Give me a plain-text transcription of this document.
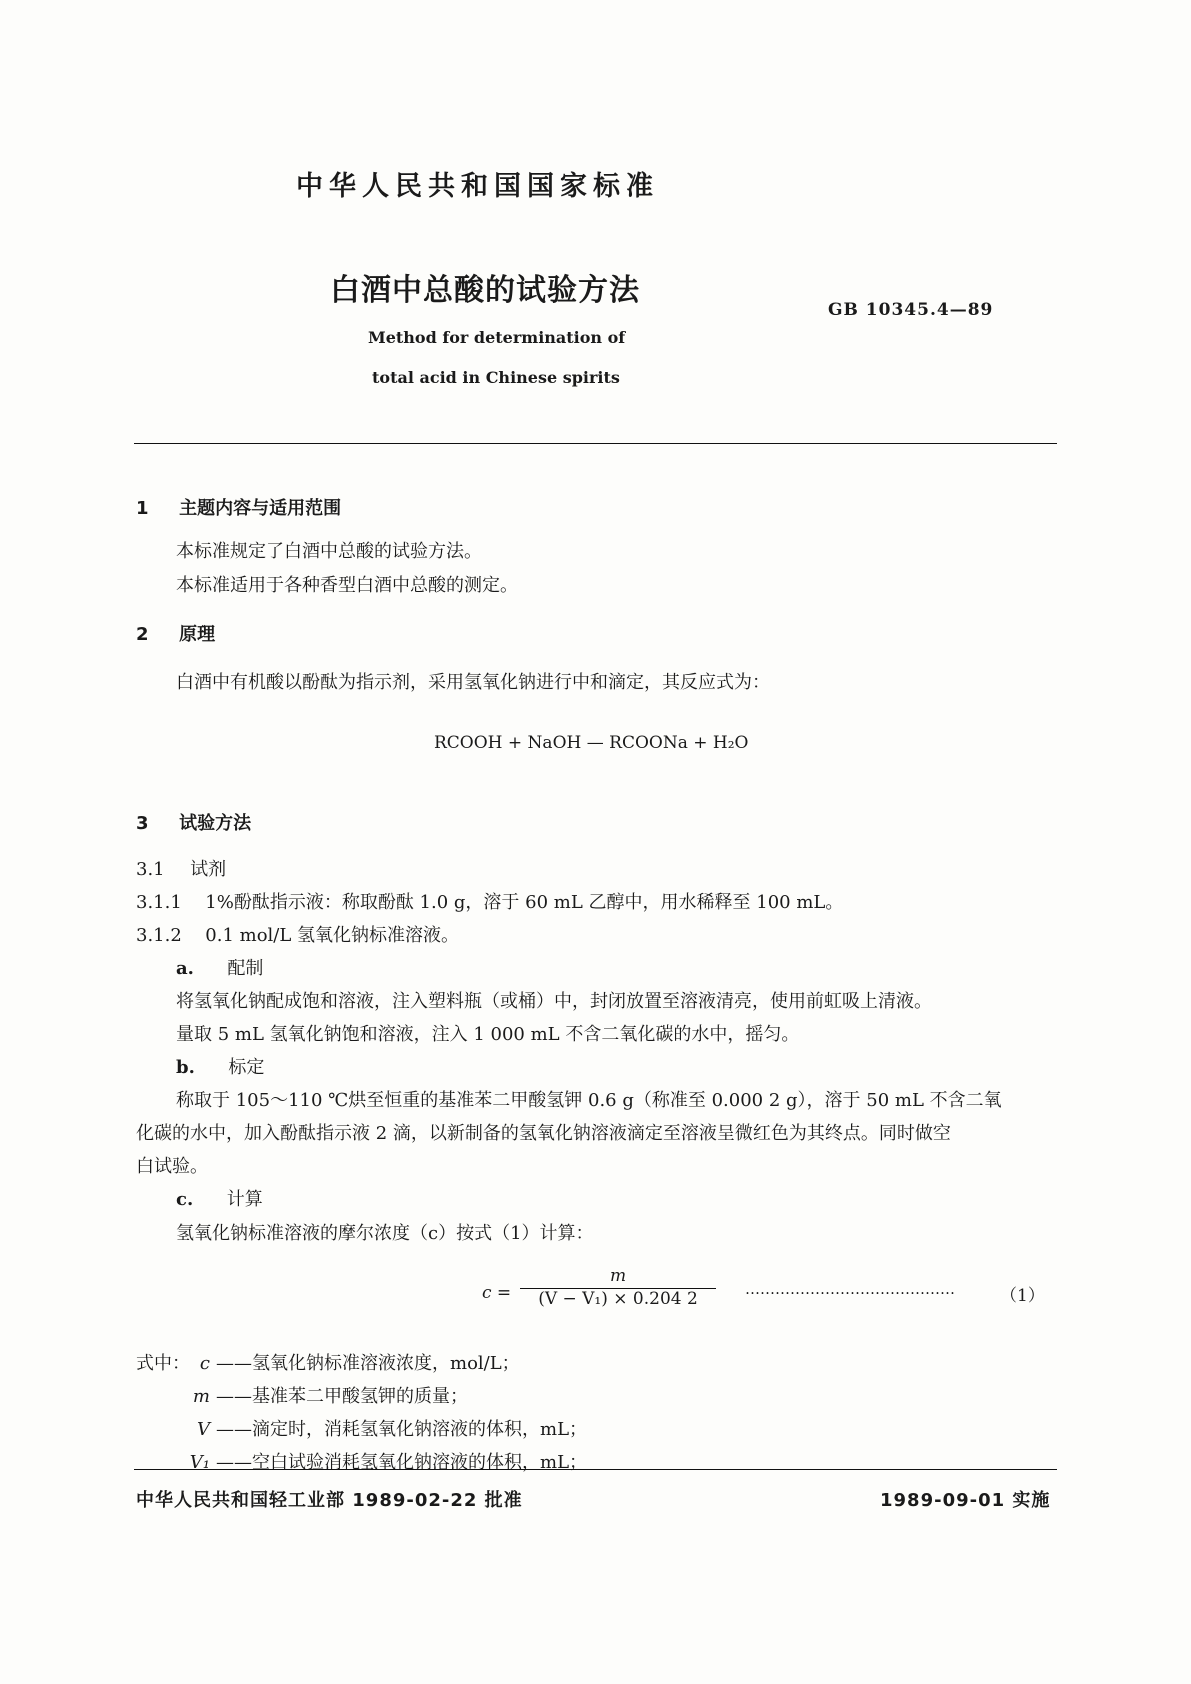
中华人民共和国国家标准
白酒中总酸的试验方法
GB 10345.4—89
Method for determination of
total acid in Chinese spirits
1 主题内容与适用范围
本标准规定了白酒中总酸的试验方法。
本标准适用于各种香型白酒中总酸的测定。
2 原理
白酒中有机酸以酚酞为指示剂，采用氢氧化钠进行中和滴定，其反应式为：
RCOOH + NaOH — RCOONa + H₂O
3 试验方法
3.1 试剂
3.1.1 1%酚酞指示液：称取酚酞 1.0 g，溶于 60 mL 乙醇中，用水稀释至 100 mL。
3.1.2 0.1 mol/L 氢氧化钠标准溶液。
a. 配制
将氢氧化钠配成饱和溶液，注入塑料瓶（或桶）中，封闭放置至溶液清亮，使用前虹吸上清液。
量取 5 mL 氢氧化钠饱和溶液，注入 1 000 mL 不含二氧化碳的水中，摇匀。
b. 标定
称取于 105～110 ℃烘至恒重的基准苯二甲酸氢钾 0.6 g（称准至 0.000 2 g），溶于 50 mL 不含二氧
化碳的水中，加入酚酞指示液 2 滴，以新制备的氢氧化钠溶液滴定至溶液呈微红色为其终点。同时做空
白试验。
c. 计算
氢氧化钠标准溶液的摩尔浓度（c）按式（1）计算：
c =
m
(V − V₁) × 0.204 2	……………………………………	（1）
式中： c ——氢氧化钠标准溶液浓度，mol/L；
m ——基准苯二甲酸氢钾的质量；
V ——滴定时，消耗氢氧化钠溶液的体积，mL；
V₁ ——空白试验消耗氢氧化钠溶液的体积，mL；
中华人民共和国轻工业部 1989-02-22 批准	1989-09-01 实施
